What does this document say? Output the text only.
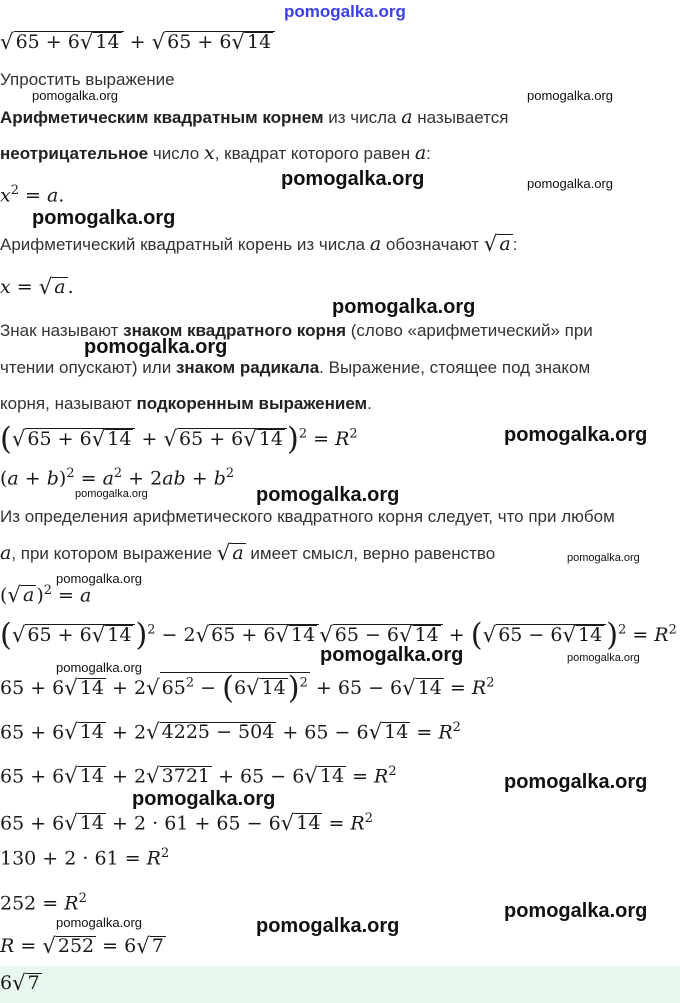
pomogalka.org
√ 65 + 6√ 14 + √ 65 + 6√ 14
Упростить выражение
Арифметическим квадратным корнем из числа a называется
неотрицательное число x, квадрат которого равен a:
$x^2 = a$.
Арифметический квадратный корень из числа a обозначают √ a :
x = √ a .
Знак называют знаком квадратного корня (слово «арифметический» при
чтении опускают) или знаком радикала. Выражение, стоящее под знаком
корня, называют подкоренным выражением.
(√ 65 + 6√ 14 + √ 65 + 6√ 14 )$^2 = R^2$
$(a + b)^2 = a^2 + 2ab + b^2$
Из определения арифметического квадратного корня следует, что при любом
a, при котором выражение √ a имеет смысл, верно равенство
(√ a )$^2$ = a
(√ 65 + 6√ 14 )$^2$ − 2√ 65 + 6√ 14 √ 65 − 6√ 14 + (√ 65 − 6√ 14 )$^2 = R^2$
65 + 6√ 14 + 2√ $65^2 - (6√$ 14)$^2$ + 65 − 6√ $14 = R^2$
65 + 6√ 14 + 2√ 4225 − 504 + 65 − 6√ $14 = R^2$
65 + 6√ 14 + 2√ 3721 + 65 − 6√ $14 = R^2$
65 + 6√ 14 + 2 · 61 + 65 − 6√ $14 = R^2$
$130 + 2 \cdot 61 = R^2$
$252 = R^2$
R = √ 252 = 6√ 7
6√ 7
pomogalka.org	pomogalka.org
pomogalka.org	pomogalka.org
pomogalka.org
pomogalka.org
pomogalka.org
pomogalka.org
pomogalka.org
pomogalka.org
pomogalka.org
pomogalka.org
pomogalka.org
pomogalka.org
pomogalka.org
pomogalka.org
pomogalka.org
pomogalka.org
pomogalka.org	pomogalka.org
